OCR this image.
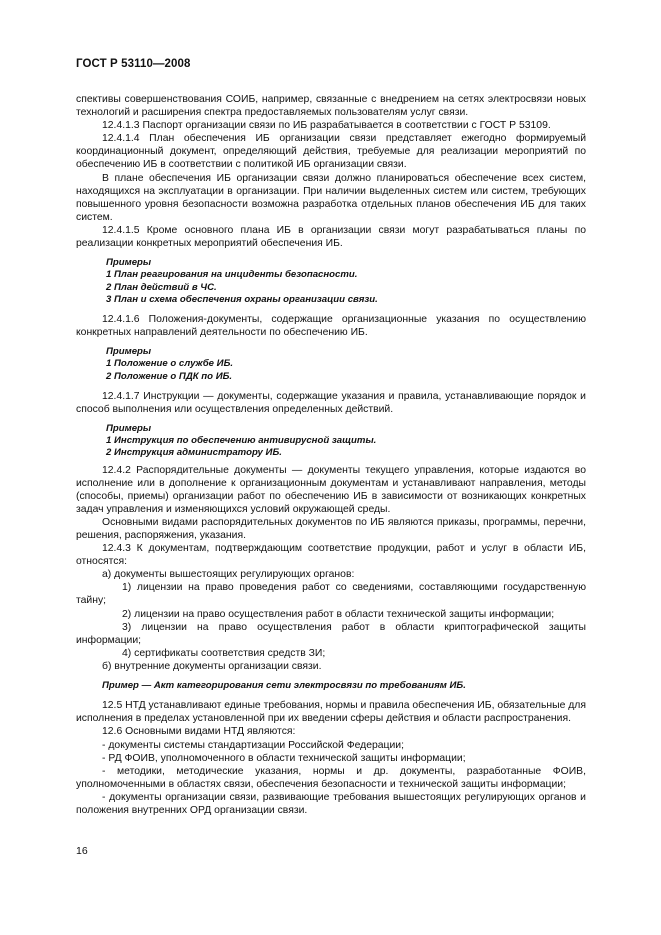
ГОСТ Р 53110—2008

спективы совершенствования СОИБ, например, связанные с внедрением на сетях электросвязи новых технологий и расширения спектра предоставляемых пользователям услуг связи.

12.4.1.3 Паспорт организации связи по ИБ разрабатывается в соответствии с ГОСТ Р 53109.

12.4.1.4 План обеспечения ИБ организации связи представляет ежегодно формируемый координационный документ, определяющий действия, требуемые для реализации мероприятий по обеспечению ИБ в соответствии с политикой ИБ организации связи.

В плане обеспечения ИБ организации связи должно планироваться обеспечение всех систем, находящихся на эксплуатации в организации. При наличии выделенных систем или систем, требующих повышенного уровня безопасности возможна разработка отдельных планов обеспечения ИБ для таких систем.

12.4.1.5 Кроме основного плана ИБ в организации связи могут разрабатываться планы по реализации конкретных мероприятий обеспечения ИБ.

Примеры

1 План реагирования на инциденты безопасности.

2 План действий в ЧС.

3 План и схема обеспечения охраны организации связи.

12.4.1.6 Положения-документы, содержащие организационные указания по осуществлению конкретных направлений деятельности по обеспечению ИБ.

Примеры

1 Положение о службе ИБ.

2 Положение о ПДК по ИБ.

12.4.1.7 Инструкции — документы, содержащие указания и правила, устанавливающие порядок и способ выполнения или осуществления определенных действий.

Примеры

1 Инструкция по обеспечению антивирусной защиты.

2 Инструкция администратору ИБ.

12.4.2 Распорядительные документы — документы текущего управления, которые издаются во исполнение или в дополнение к организационным документам и устанавливают направления, методы (способы, приемы) организации работ по обеспечению ИБ в зависимости от возникающих конкретных задач управления и изменяющихся условий окружающей среды.

Основными видами распорядительных документов по ИБ являются приказы, программы, перечни, решения, распоряжения, указания.

12.4.3 К документам, подтверждающим соответствие продукции, работ и услуг в области ИБ, относятся:

а) документы вышестоящих регулирующих органов:

1) лицензии на право проведения работ со сведениями, составляющими государственную тайну;

2) лицензии на право осуществления работ в области технической защиты информации;

3) лицензии на право осуществления работ в области криптографической защиты информации;

4) сертификаты соответствия средств ЗИ;

б) внутренние документы организации связи.

Пример — Акт категорирования сети электросвязи по требованиям ИБ.

12.5 НТД устанавливают единые требования, нормы и правила обеспечения ИБ, обязательные для исполнения в пределах установленной при их введении сферы действия и области распространения.

12.6 Основными видами НТД являются:

- документы системы стандартизации Российской Федерации;

- РД ФОИВ, уполномоченного в области технической защиты информации;

- методики, методические указания, нормы и др. документы, разработанные ФОИВ, уполномоченными в областях связи, обеспечения безопасности и технической защиты информации;

- документы организации связи, развивающие требования вышестоящих регулирующих органов и положения внутренних ОРД организации связи.

16
